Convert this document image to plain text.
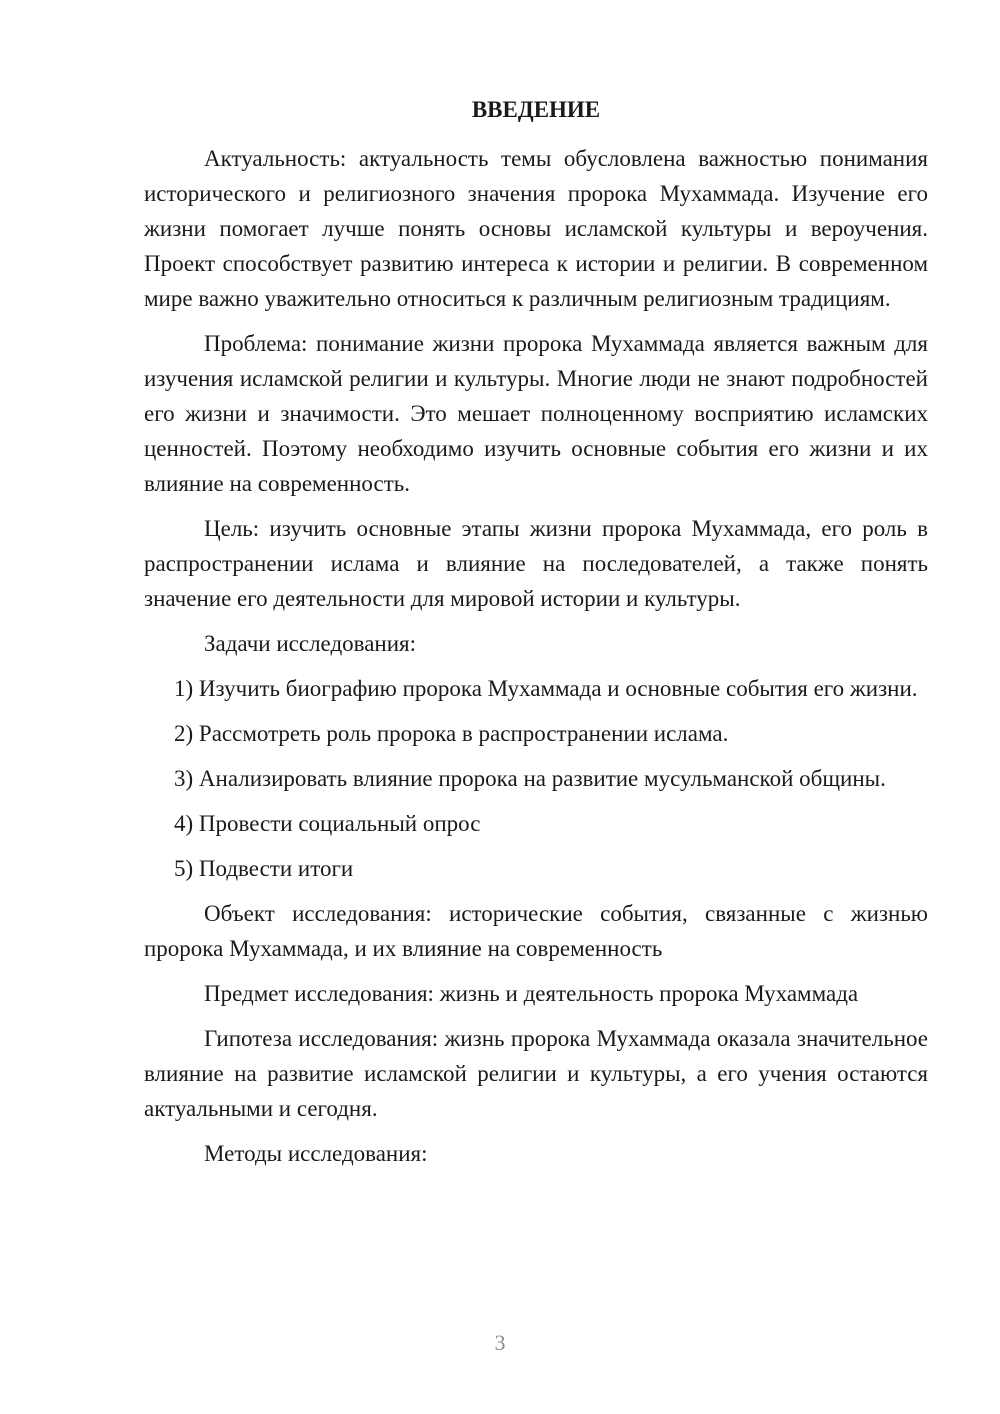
ВВЕДЕНИЕ

Актуальность: актуальность темы обусловлена важностью понимания исторического и религиозного значения пророка Мухаммада. Изучение его жизни помогает лучше понять основы исламской культуры и вероучения. Проект способствует развитию интереса к истории и религии. В современном мире важно уважительно относиться к различным религиозным традициям.

Проблема: понимание жизни пророка Мухаммада является важным для изучения исламской религии и культуры. Многие люди не знают подробностей его жизни и значимости. Это мешает полноценному восприятию исламских ценностей. Поэтому необходимо изучить основные события его жизни и их влияние на современность.

Цель: изучить основные этапы жизни пророка Мухаммада, его роль в распространении ислама и влияние на последователей, а также понять значение его деятельности для мировой истории и культуры.

Задачи исследования:

1) Изучить биографию пророка Мухаммада и основные события его жизни.

2) Рассмотреть роль пророка в распространении ислама.

3) Анализировать влияние пророка на развитие мусульманской общины.

4) Провести социальный опрос

5) Подвести итоги

Объект исследования: исторические события, связанные с жизнью пророка Мухаммада, и их влияние на современность

Предмет исследования: жизнь и деятельность пророка Мухаммада

Гипотеза исследования: жизнь пророка Мухаммада оказала значительное влияние на развитие исламской религии и культуры, а его учения остаются актуальными и сегодня.

Методы исследования:

3
